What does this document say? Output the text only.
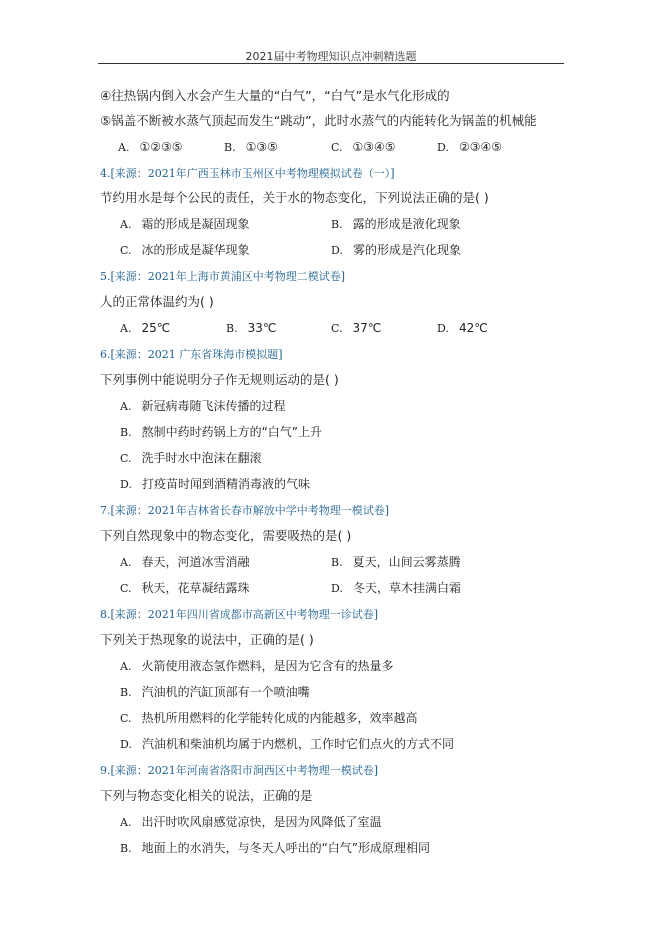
2021届中考物理知识点冲刺精选题
④往热锅内倒入水会产生大量的“白气”，“白气”是水气化形成的
⑤锅盖不断被水蒸气顶起而发生“跳动”，此时水蒸气的内能转化为锅盖的机械能
A. ①②③⑤	B. ①③⑤	C. ①③④⑤	D. ②③④⑤
4.[来源：2021年广西玉林市玉州区中考物理模拟试卷（一）]
节约用水是每个公民的责任，关于水的物态变化，下列说法正确的是( )
A. 霜的形成是凝固现象	B. 露的形成是液化现象
C. 冰的形成是凝华现象	D. 雾的形成是汽化现象
5.[来源：2021年上海市黄浦区中考物理二模试卷]
人的正常体温约为( )
A. 25℃	B. 33℃	C. 37℃	D. 42℃
6.[来源：2021 广东省珠海市模拟题]
下列事例中能说明分子作无规则运动的是( )
A. 新冠病毒随飞沫传播的过程
B. 熬制中药时药锅上方的“白气”上升
C. 洗手时水中泡沫在翻滚
D. 打疫苗时闻到酒精消毒液的气味
7.[来源：2021年吉林省长春市解放中学中考物理一模试卷]
下列自然现象中的物态变化，需要吸热的是( )
A. 春天，河道冰雪消融	B. 夏天，山间云雾蒸腾
C. 秋天，花草凝结露珠	D. 冬天，草木挂满白霜
8.[来源：2021年四川省成都市高新区中考物理一诊试卷]
下列关于热现象的说法中，正确的是( )
A. 火箭使用液态氢作燃料，是因为它含有的热量多
B. 汽油机的汽缸顶部有一个喷油嘴
C. 热机所用燃料的化学能转化成的内能越多，效率越高
D. 汽油机和柴油机均属于内燃机，工作时它们点火的方式不同
9.[来源：2021年河南省洛阳市涧西区中考物理一模试卷]
下列与物态变化相关的说法，正确的是
A. 出汗时吹风扇感觉凉快，是因为风降低了室温
B. 地面上的水消失，与冬天人呼出的“白气”形成原理相同
